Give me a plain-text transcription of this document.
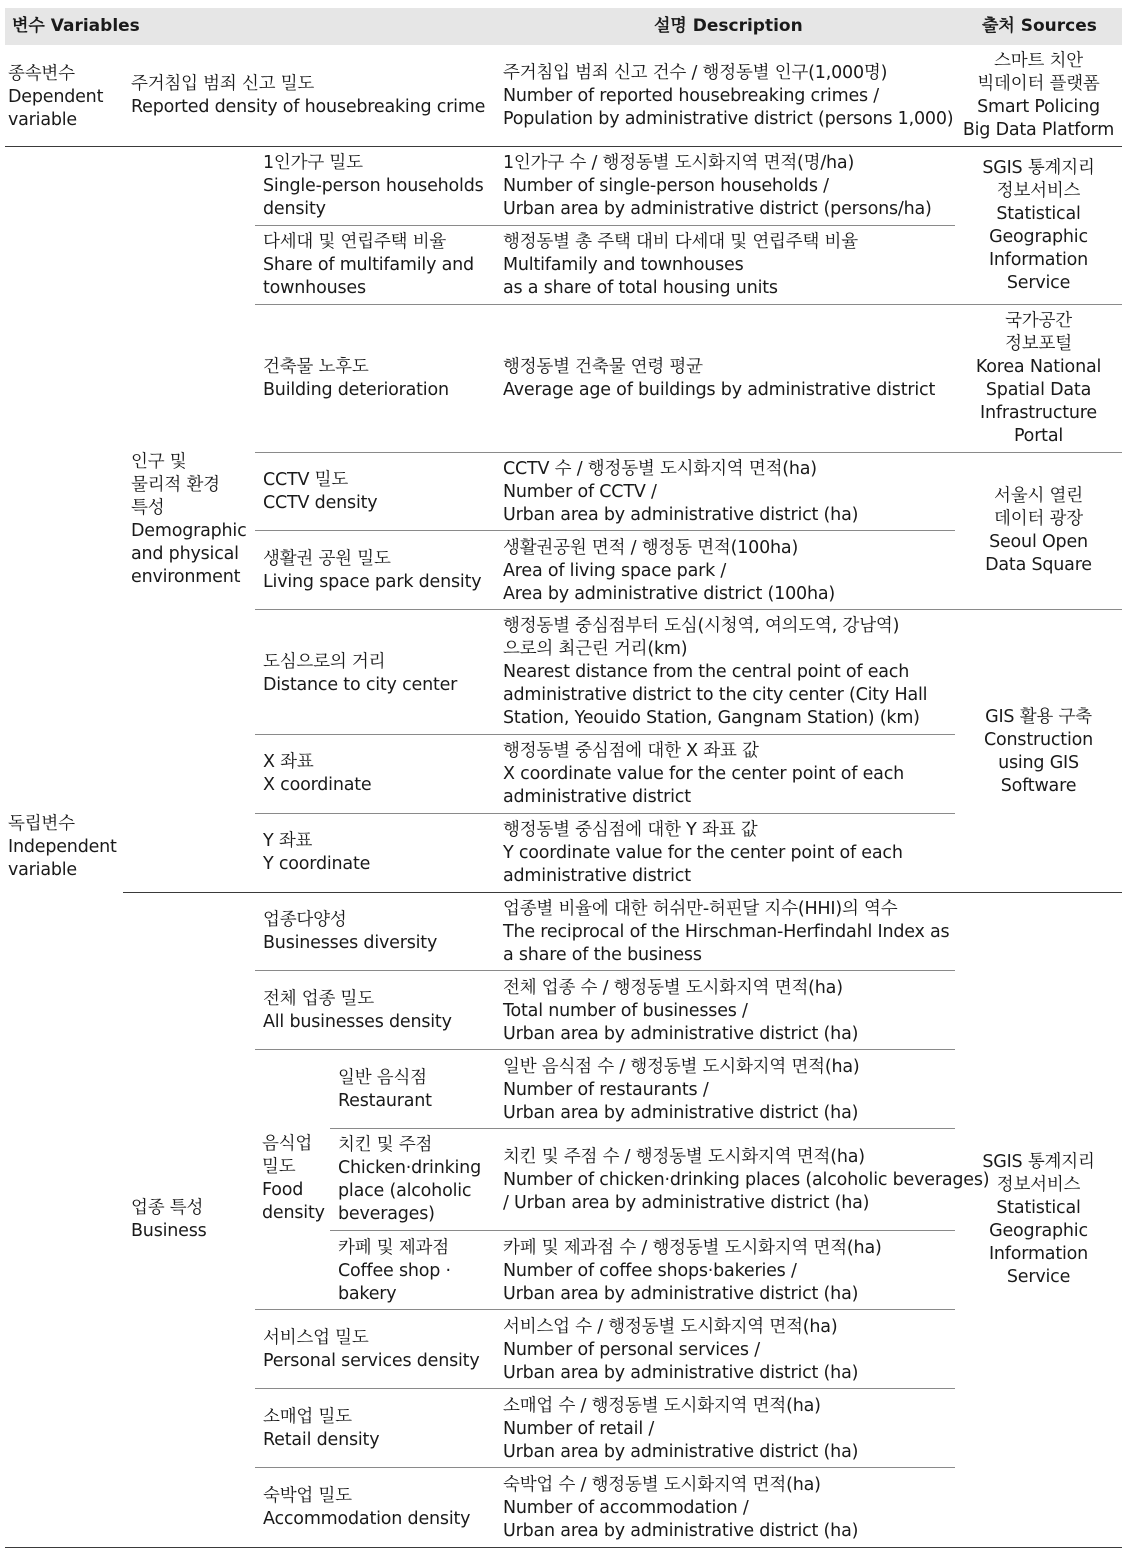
변수 Variables	설명 Description	출처 Sources
종속변수
Dependent
variable
주거침입 범죄 신고 밀도
Reported density of housebreaking crime
주거침입 범죄 신고 건수 / 행정동별 인구(1,000명)
Number of reported housebreaking crimes /
Population by administrative district (persons 1,000)
스마트 치안
빅데이터 플랫폼
Smart Policing
Big Data Platform
독립변수
Independent
variable
인구 및
물리적 환경
특성
Demographic
and physical
environment
업종 특성
Business
음식업
밀도
Food
density
1인가구 밀도
Single-person households
density
다세대 및 연립주택 비율
Share of multifamily and
townhouses
건축물 노후도
Building deterioration
CCTV 밀도
CCTV density
생활권 공원 밀도
Living space park density
도심으로의 거리
Distance to city center
X 좌표
X coordinate
Y 좌표
Y coordinate
업종다양성
Businesses diversity
전체 업종 밀도
All businesses density
일반 음식점
Restaurant
치킨 및 주점
Chicken·drinking
place (alcoholic
beverages)
카페 및 제과점
Coffee shop ·
bakery
서비스업 밀도
Personal services density
소매업 밀도
Retail density
숙박업 밀도
Accommodation density
1인가구 수 / 행정동별 도시화지역 면적(명/ha)
Number of single-person households /
Urban area by administrative district (persons/ha)
행정동별 총 주택 대비 다세대 및 연립주택 비율
Multifamily and townhouses
as a share of total housing units
행정동별 건축물 연령 평균
Average age of buildings by administrative district
CCTV 수 / 행정동별 도시화지역 면적(ha)
Number of CCTV /
Urban area by administrative district (ha)
생활권공원 면적 / 행정동 면적(100ha)
Area of living space park /
Area by administrative district (100ha)
행정동별 중심점부터 도심(시청역, 여의도역, 강남역)
으로의 최근린 거리(km)
Nearest distance from the central point of each
administrative district to the city center (City Hall
Station, Yeouido Station, Gangnam Station) (km)
행정동별 중심점에 대한 X 좌표 값
X coordinate value for the center point of each
administrative district
행정동별 중심점에 대한 Y 좌표 값
Y coordinate value for the center point of each
administrative district
업종별 비율에 대한 허쉬만-허핀달 지수(HHI)의 역수
The reciprocal of the Hirschman-Herfindahl Index as
a share of the business
전체 업종 수 / 행정동별 도시화지역 면적(ha)
Total number of businesses /
Urban area by administrative district (ha)
일반 음식점 수 / 행정동별 도시화지역 면적(ha)
Number of restaurants /
Urban area by administrative district (ha)
치킨 및 주점 수 / 행정동별 도시화지역 면적(ha)
Number of chicken·drinking places (alcoholic beverages)
/ Urban area by administrative district (ha)
카페 및 제과점 수 / 행정동별 도시화지역 면적(ha)
Number of coffee shops·bakeries /
Urban area by administrative district (ha)
서비스업 수 / 행정동별 도시화지역 면적(ha)
Number of personal services /
Urban area by administrative district (ha)
소매업 수 / 행정동별 도시화지역 면적(ha)
Number of retail /
Urban area by administrative district (ha)
숙박업 수 / 행정동별 도시화지역 면적(ha)
Number of accommodation /
Urban area by administrative district (ha)
SGIS 통계지리
정보서비스
Statistical
Geographic
Information
Service
국가공간
정보포털
Korea National
Spatial Data
Infrastructure
Portal
서울시 열린
데이터 광장
Seoul Open
Data Square
GIS 활용 구축
Construction
using GIS
Software
SGIS 통계지리
정보서비스
Statistical
Geographic
Information
Service
